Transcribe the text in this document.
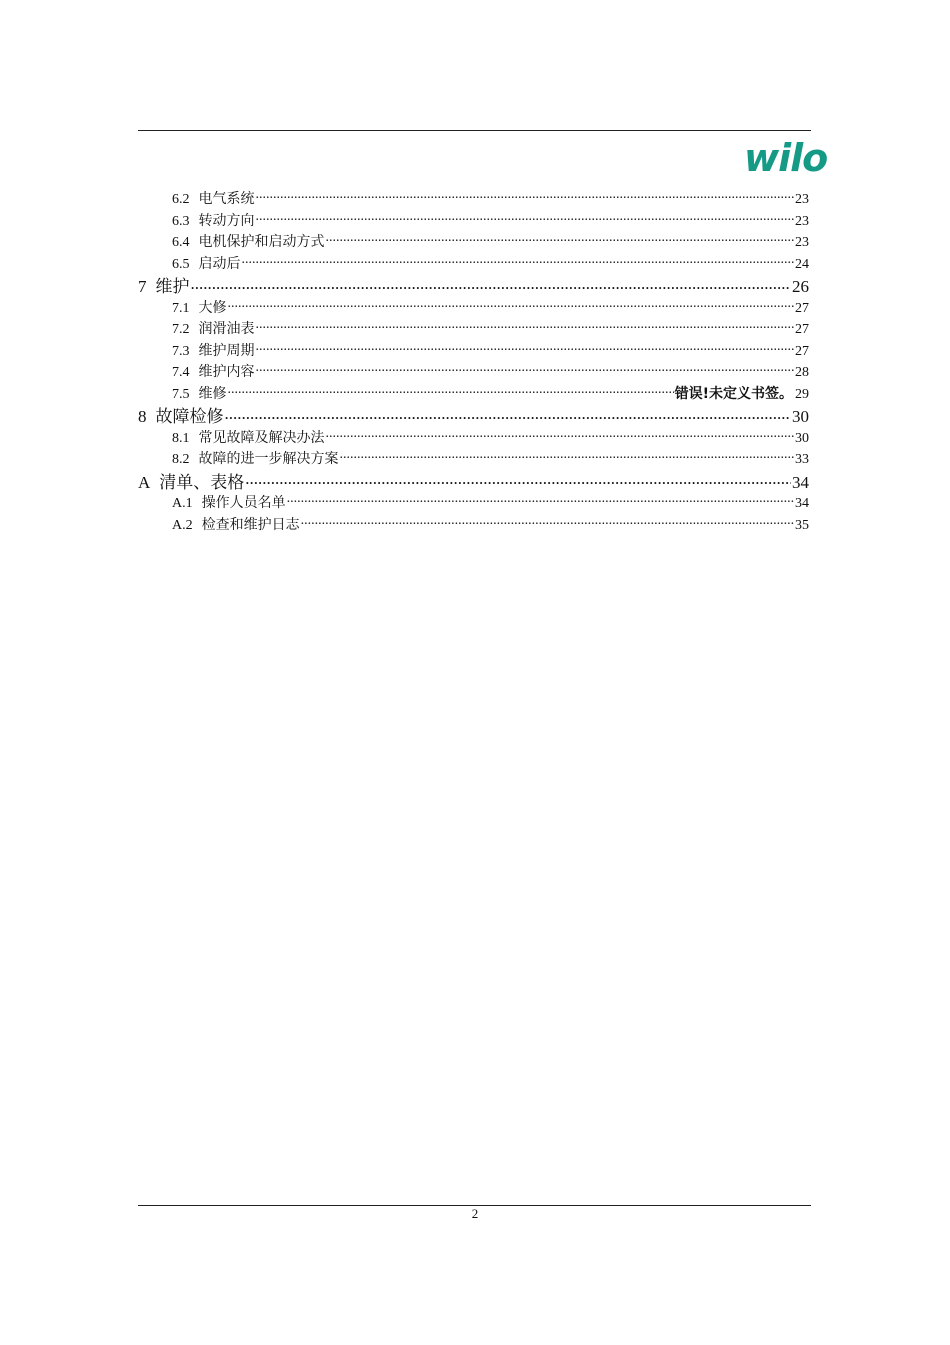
wilo
6.2 电气系统 .....	23
6.3 转动方向 .....	23
6.4 电机保护和启动方式 .....	23
6.5 启动后 .....	24
7 维护 .....	26
7.1 大修 .....	27
7.2 润滑油表 .....	27
7.3 维护周期 .....	27
7.4 维护内容 .....	28
7.5 维修 .....	错误!未定义书签。 29
8 故障检修 .....	30
8.1 常见故障及解决办法 .....	30
8.2 故障的进一步解决方案 .....	33
A 清单、表格 .....	34
A.1 操作人员名单 .....	34
A.2 检查和维护日志 .....	35
2
